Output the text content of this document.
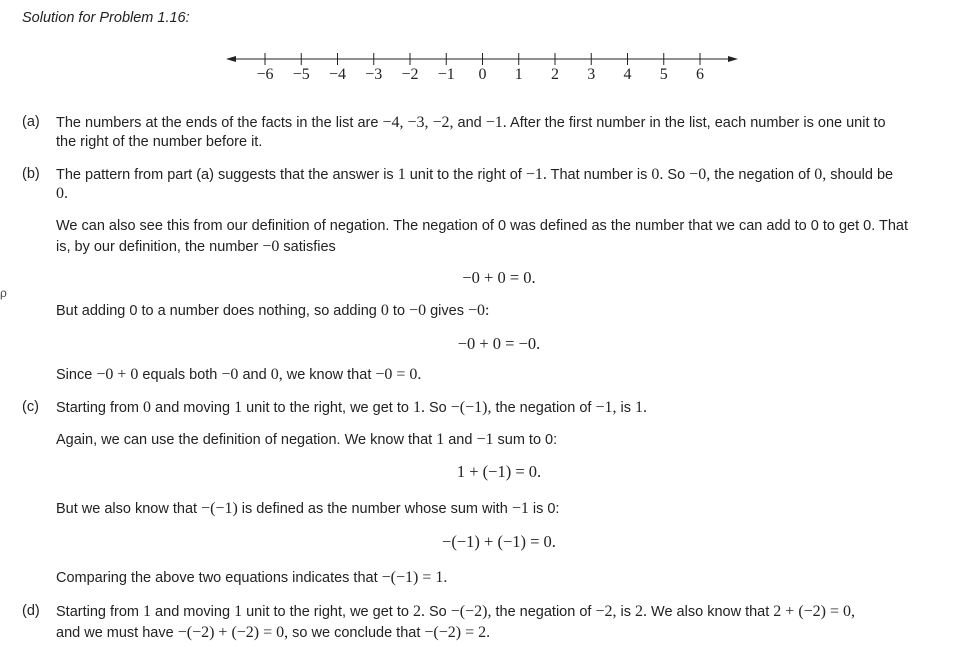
Solution for Problem 1.16:
−6 −5 −4 −3 −2 −1 0 1 2 3 4 5 6
ρ
(a) The numbers at the ends of the facts in the list are −4, −3, −2, and −1. After the first number in the list, each number is one unit to
the right of the number before it.
(b) The pattern from part (a) suggests that the answer is 1 unit to the right of −1. That number is 0. So −0, the negation of 0, should be
0.
We can also see this from our definition of negation. The negation of 0 was defined as the number that we can add to 0 to get 0. That
is, by our definition, the number −0 satisfies
−0 + 0 = 0.
But adding 0 to a number does nothing, so adding 0 to −0 gives −0:
−0 + 0 = −0.
Since −0 + 0 equals both −0 and 0, we know that −0 = 0.
(c) Starting from 0 and moving 1 unit to the right, we get to 1. So −(−1), the negation of −1, is 1.
Again, we can use the definition of negation. We know that 1 and −1 sum to 0:
1 + (−1) = 0.
But we also know that −(−1) is defined as the number whose sum with −1 is 0:
−(−1) + (−1) = 0.
Comparing the above two equations indicates that −(−1) = 1.
(d) Starting from 1 and moving 1 unit to the right, we get to 2. So −(−2), the negation of −2, is 2. We also know that 2 + (−2) = 0,
and we must have −(−2) + (−2) = 0, so we conclude that −(−2) = 2.
